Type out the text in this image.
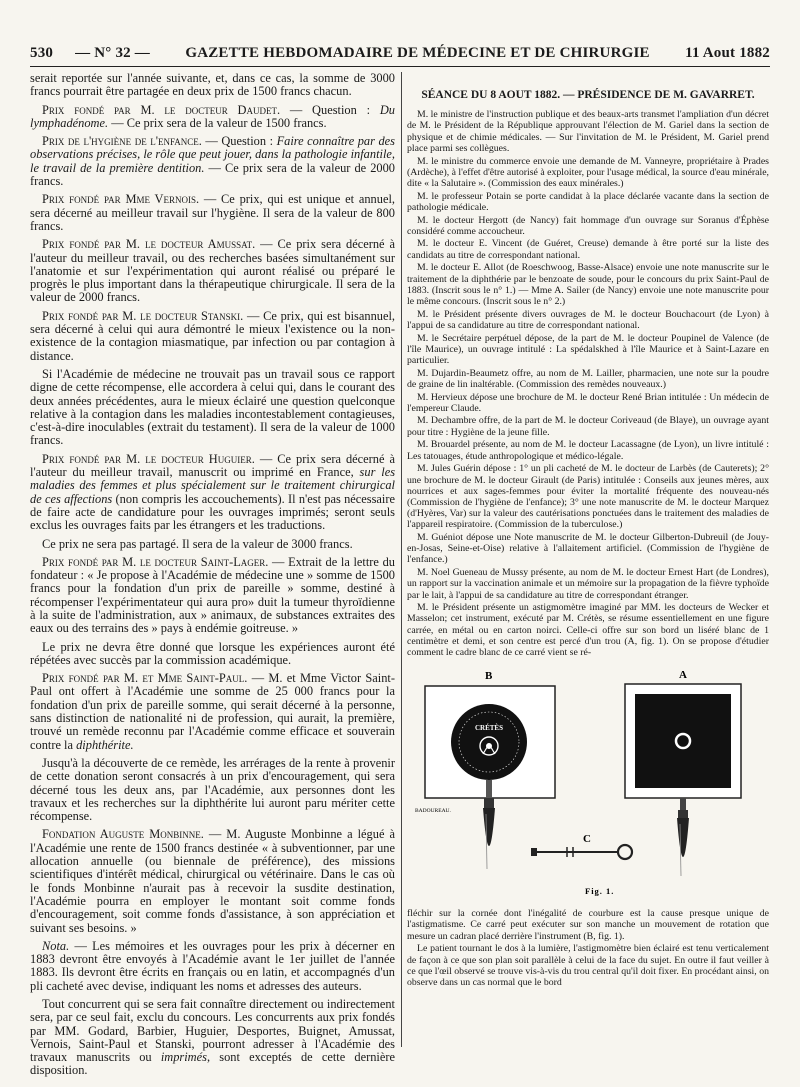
530 — N° 32 —	GAZETTE HEBDOMADAIRE DE MÉDECINE ET DE CHIRURGIE	11 Aout 1882

serait reportée sur l'année suivante, et, dans ce cas, la somme de 3000 francs pourrait être partagée en deux prix de 1500 francs chacun.

Prix fondé par M. le docteur Daudet. — Question : Du lymphadénome. — Ce prix sera de la valeur de 1500 francs.

Prix de l'hygiène de l'enfance. — Question : Faire connaître par des observations précises, le rôle que peut jouer, dans la pathologie infantile, le travail de la première dentition. — Ce prix sera de la valeur de 2000 francs.

Prix fondé par Mme Vernois. — Ce prix, qui est unique et annuel, sera décerné au meilleur travail sur l'hygiène. Il sera de la valeur de 800 francs.

Prix fondé par M. le docteur Amussat. — Ce prix sera décerné à l'auteur du meilleur travail, ou des recherches basées simultanément sur l'anatomie et sur l'expérimentation qui auront réalisé ou préparé le progrès le plus important dans la thérapeutique chirurgicale. Il sera de la valeur de 2000 francs.

Prix fondé par M. le docteur Stanski. — Ce prix, qui est bisannuel, sera décerné à celui qui aura démontré le mieux l'existence ou la non-existence de la contagion miasmatique, par infection ou par contagion à distance.

Si l'Académie de médecine ne trouvait pas un travail sous ce rapport digne de cette récompense, elle accordera à celui qui, dans le courant des deux années précédentes, aura le mieux éclairé une question quelconque relative à la contagion dans les maladies incontestablement contagieuses, c'est-à-dire inoculables (extrait du testament). Il sera de la valeur de 1000 francs.

Prix fondé par M. le docteur Huguier. — Ce prix sera décerné à l'auteur du meilleur travail, manuscrit ou imprimé en France, sur les maladies des femmes et plus spécialement sur le traitement chirurgical de ces affections (non compris les accouchements). Il n'est pas nécessaire de faire acte de candidature pour les ouvrages imprimés; seront seuls exclus les ouvrages faits par les étrangers et les traductions.

Ce prix ne sera pas partagé. Il sera de la valeur de 3000 francs.

Prix fondé par M. le docteur Saint-Lager. — Extrait de la lettre du fondateur : « Je propose à l'Académie de médecine une » somme de 1500 francs pour la fondation d'un prix de pareille » somme, destiné à récompenser l'expérimentateur qui aura pro» duit la tumeur thyroïdienne à la suite de l'administration, aux » animaux, de substances extraites des eaux ou des terrains des » pays à endémie goitreuse. »

Le prix ne devra être donné que lorsque les expériences auront été répétées avec succès par la commission académique.

Prix fondé par M. et Mme Saint-Paul. — M. et Mme Victor Saint-Paul ont offert à l'Académie une somme de 25 000 francs pour la fondation d'un prix de pareille somme, qui serait décerné à la personne, sans distinction de nationalité ni de profession, qui aurait, la première, trouvé un remède reconnu par l'Académie comme efficace et souverain contre la diphthérite.

Jusqu'à la découverte de ce remède, les arrérages de la rente à provenir de cette donation seront consacrés à un prix d'encouragement, qui sera décerné tous les deux ans, par l'Académie, aux personnes dont les travaux et les recherches sur la diphthérite lui auront paru mériter cette récompense.

Fondation Auguste Monbinne. — M. Auguste Monbinne a légué à l'Académie une rente de 1500 francs destinée « à subventionner, par une allocation annuelle (ou biennale de préférence), des missions scientifiques d'intérêt médical, chirurgical ou vétérinaire. Dans le cas où le fonds Monbinne n'aurait pas à recevoir la susdite destination, l'Académie pourra en employer le montant soit comme fonds d'encouragement, soit comme fonds d'assistance, à son appréciation et suivant ses besoins. »

Nota. — Les mémoires et les ouvrages pour les prix à décerner en 1883 devront être envoyés à l'Académie avant le 1er juillet de l'année 1883. Ils devront être écrits en français ou en latin, et accompagnés d'un pli cacheté avec devise, indiquant les noms et adresses des auteurs.

Tout concurrent qui se sera fait connaître directement ou indirectement sera, par ce seul fait, exclu du concours. Les concurrents aux prix fondés par MM. Godard, Barbier, Huguier, Desportes, Buignet, Amussat, Vernois, Saint-Paul et Stanski, pourront adresser à l'Académie des travaux manuscrits ou imprimés, sont exceptés de cette dernière disposition.

SÉANCE DU 8 AOUT 1882. — PRÉSIDENCE DE M. GAVARRET.

M. le ministre de l'instruction publique et des beaux-arts transmet l'ampliation d'un décret de M. le Président de la République approuvant l'élection de M. Gariel dans la section de physique et de chimie médicales. — Sur l'invitation de M. le Président, M. Gariel prend place parmi ses collègues.

M. le ministre du commerce envoie une demande de M. Vanneyre, propriétaire à Prades (Ardèche), à l'effet d'être autorisé à exploiter, pour l'usage médical, la source d'eau minérale, dite « la Salutaire ». (Commission des eaux minérales.)

M. le professeur Potain se porte candidat à la place déclarée vacante dans la section de pathologie médicale.

M. le docteur Hergott (de Nancy) fait hommage d'un ouvrage sur Soranus d'Éphèse considéré comme accoucheur.

M. le docteur E. Vincent (de Guéret, Creuse) demande à être porté sur la liste des candidats au titre de correspondant national.

M. le docteur E. Allot (de Roeschwoog, Basse-Alsace) envoie une note manuscrite sur le traitement de la diphthérie par le benzoate de soude, pour le concours du prix Saint-Paul de 1883. (Inscrit sous le n° 1.) — Mme A. Sailer (de Nancy) envoie une note manuscrite pour le même concours. (Inscrit sous le n° 2.)

M. le Président présente divers ouvrages de M. le docteur Bouchacourt (de Lyon) à l'appui de sa candidature au titre de correspondant national.

M. le Secrétaire perpétuel dépose, de la part de M. le docteur Poupinel de Valence (de l'île Maurice), un ouvrage intitulé : La spédalskhed à l'île Maurice et à Saint-Lazare en particulier.

M. Dujardin-Beaumetz offre, au nom de M. Lailler, pharmacien, une note sur la poudre de graine de lin inaltérable. (Commission des remèdes nouveaux.)

M. Hervieux dépose une brochure de M. le docteur René Brian intitulée : Un médecin de l'empereur Claude.

M. Dechambre offre, de la part de M. le docteur Coriveaud (de Blaye), un ouvrage ayant pour titre : Hygiène de la jeune fille.

M. Brouardel présente, au nom de M. le docteur Lacassagne (de Lyon), un livre intitulé : Les tatouages, étude anthropologique et médico-légale.

M. Jules Guérin dépose : 1° un pli cacheté de M. le docteur de Larbès (de Cauterets); 2° une brochure de M. le docteur Girault (de Paris) intitulée : Conseils aux jeunes mères, aux nourrices et aux sages-femmes pour éviter la mortalité fréquente des nouveau-nés (Commission de l'hygiène de l'enfance); 3° une note manuscrite de M. le docteur Marquez (d'Hyères, Var) sur la valeur des cautérisations ponctuées dans le traitement des maladies de l'appareil respiratoire. (Commission de la tuberculose.)

M. Guéniot dépose une Note manuscrite de M. le docteur Gilberton-Dubreuil (de Jouy-en-Josas, Seine-et-Oise) relative à l'allaitement artificiel. (Commission de l'hygiène de l'enfance.)

M. Noel Gueneau de Mussy présente, au nom de M. le docteur Ernest Hart (de Londres), un rapport sur la vaccination animale et un mémoire sur la propagation de la fièvre typhoïde par le lait, à l'appui de sa candidature au titre de correspondant étranger.

M. le Président présente un astigmomètre imaginé par MM. les docteurs de Wecker et Masselon; cet instrument, exécuté par M. Crétès, se résume essentiellement en une figure carrée, en métal ou en carton noirci. Celle-ci offre sur son bord un liséré blanc de 1 centimètre et demi, et son centre est percé d'un trou (A, fig. 1). On se propose d'étudier comment le cadre blanc de ce carré vient se ré-

CRÉTÈS
B	A
C
BADOUREAU.
Fig. 1.

fléchir sur la cornée dont l'inégalité de courbure est la cause presque unique de l'astigmatisme. Ce carré peut exécuter sur son manche un mouvement de rotation que mesure un cadran placé derrière l'instrument (B, fig. 1).

Le patient tournant le dos à la lumière, l'astigmomètre bien éclairé est tenu verticalement de façon à ce que son plan soit parallèle à celui de la face du sujet. En outre il faut veiller à ce que l'œil observé se trouve vis-à-vis du trou central qu'il doit fixer. En procédant ainsi, on observe dans un cas normal que le bord
